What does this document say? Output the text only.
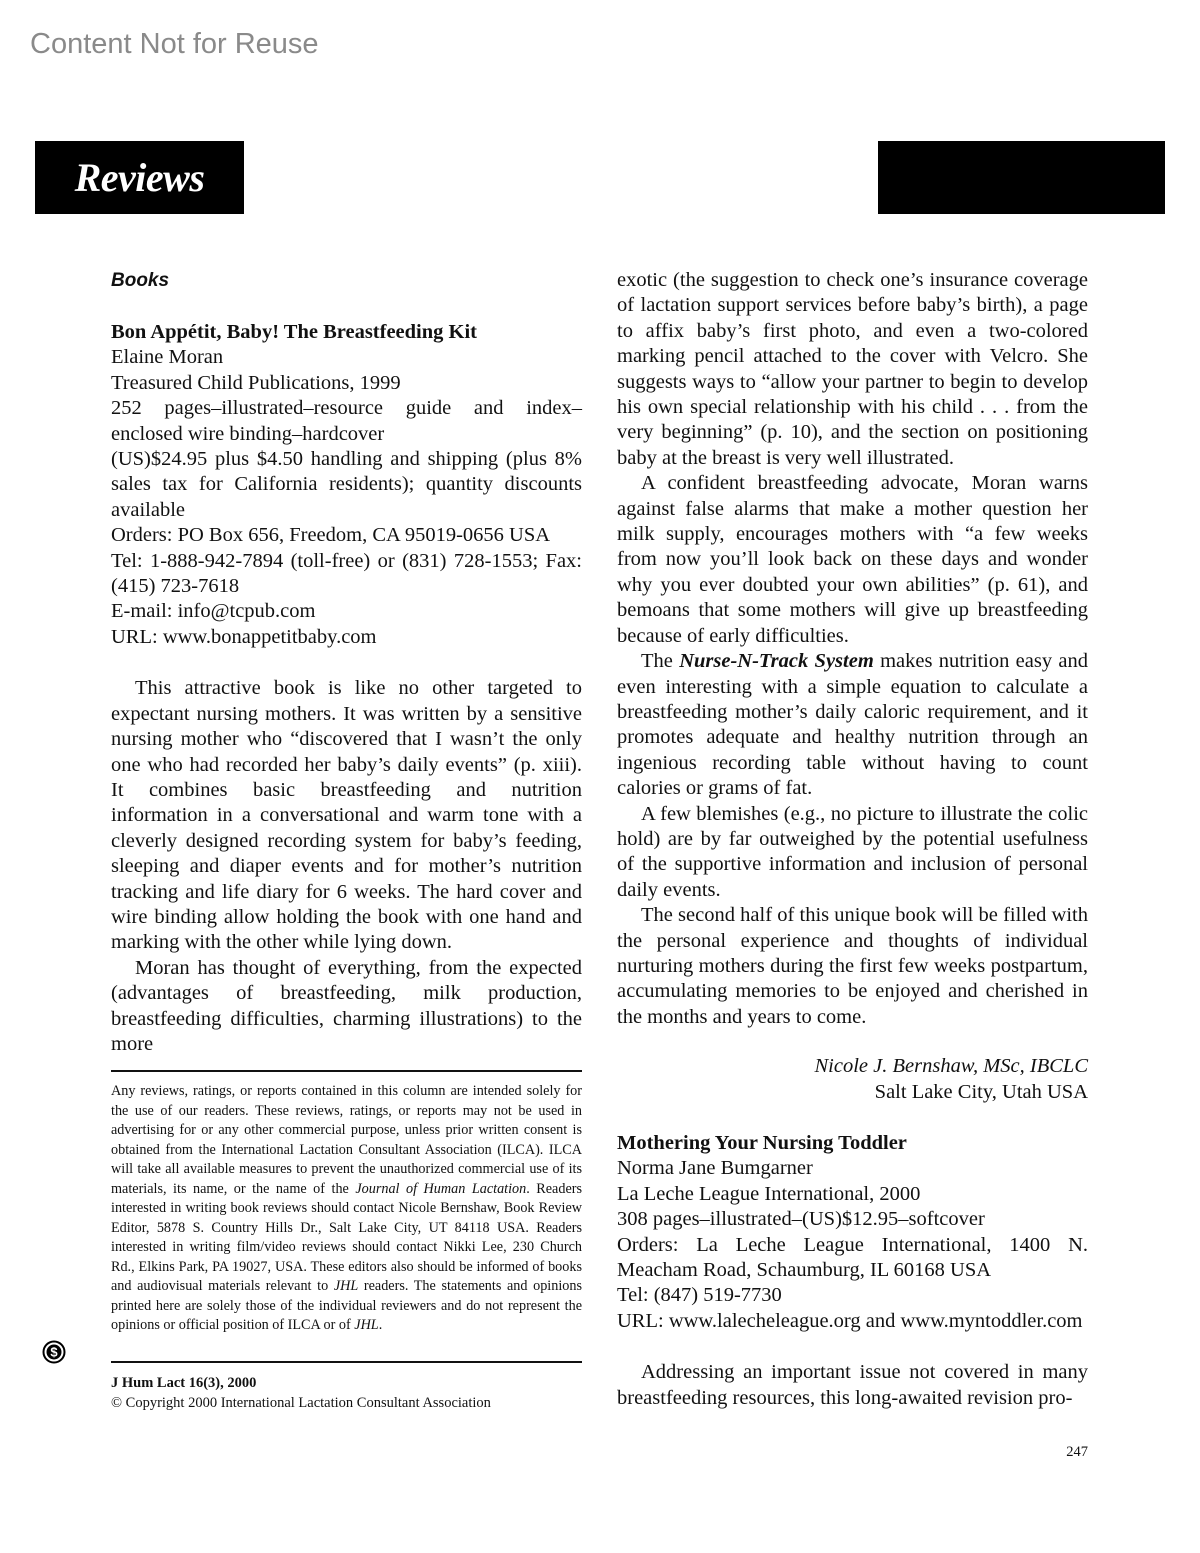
Content Not for Reuse
Reviews

Books

Bon Appétit, Baby! The Breastfeeding Kit

Elaine Moran

Treasured Child Publications, 1999

252 pages–illustrated–resource guide and index–enclosed wire binding–hardcover

(US)$24.95 plus $4.50 handling and shipping (plus 8% sales tax for California residents); quantity discounts available

Orders: PO Box 656, Freedom, CA 95019-0656 USA

Tel: 1-888-942-7894 (toll-free) or (831) 728-1553; Fax: (415) 723-7618

E-mail: info@tcpub.com

URL: www.bonappetitbaby.com

This attractive book is like no other targeted to expectant nursing mothers. It was written by a sensitive nursing mother who “discovered that I wasn’t the only one who had recorded her baby’s daily events” (p. xiii). It combines basic breastfeeding and nutrition information in a conversational and warm tone with a cleverly designed recording system for baby’s feeding, sleeping and diaper events and for mother’s nutrition tracking and life diary for 6 weeks. The hard cover and wire binding allow holding the book with one hand and marking with the other while lying down.

Moran has thought of everything, from the expected (advantages of breastfeeding, milk production, breastfeeding difficulties, charming illustrations) to the more

Any reviews, ratings, or reports contained in this column are intended solely for the use of our readers. These reviews, ratings, or reports may not be used in advertising for or any other commercial purpose, unless prior written consent is obtained from the International Lactation Consultant Association (ILCA). ILCA will take all available measures to prevent the unauthorized commercial use of its materials, its name, or the name of the Journal of Human Lactation. Readers interested in writing book reviews should contact Nicole Bernshaw, Book Review Editor, 5878 S. Country Hills Dr., Salt Lake City, UT 84118 USA. Readers interested in writing film/video reviews should contact Nikki Lee, 230 Church Rd., Elkins Park, PA 19027, USA. These editors also should be informed of books and audiovisual materials relevant to JHL readers. The statements and opinions printed here are solely those of the individual reviewers and do not represent the opinions or official position of ILCA or of JHL.

$
J Hum Lact 16(3), 2000
© Copyright 2000 International Lactation Consultant Association

exotic (the suggestion to check one’s insurance coverage of lactation support services before baby’s birth), a page to affix baby’s first photo, and even a two-colored marking pencil attached to the cover with Velcro. She suggests ways to “allow your partner to begin to develop his own special relationship with his child . . . from the very beginning” (p. 10), and the section on positioning baby at the breast is very well illustrated.

A confident breastfeeding advocate, Moran warns against false alarms that make a mother question her milk supply, encourages mothers with “a few weeks from now you’ll look back on these days and wonder why you ever doubted your own abilities” (p. 61), and bemoans that some mothers will give up breastfeeding because of early difficulties.

The Nurse-N-Track System makes nutrition easy and even interesting with a simple equation to calculate a breastfeeding mother’s daily caloric requirement, and it promotes adequate and healthy nutrition through an ingenious recording table without having to count calories or grams of fat.

A few blemishes (e.g., no picture to illustrate the colic hold) are by far outweighed by the potential usefulness of the supportive information and inclusion of personal daily events.

The second half of this unique book will be filled with the personal experience and thoughts of individual nurturing mothers during the first few weeks postpartum, accumulating memories to be enjoyed and cherished in the months and years to come.

Nicole J. Bernshaw, MSc, IBCLC

Salt Lake City, Utah USA

Mothering Your Nursing Toddler

Norma Jane Bumgarner

La Leche League International, 2000

308 pages–illustrated–(US)$12.95–softcover

Orders: La Leche League International, 1400 N. Meacham Road, Schaumburg, IL 60168 USA

Tel: (847) 519-7730

URL: www.lalecheleague.org and www.myntoddler.com

Addressing an important issue not covered in many breastfeeding resources, this long-awaited revision pro-

247
